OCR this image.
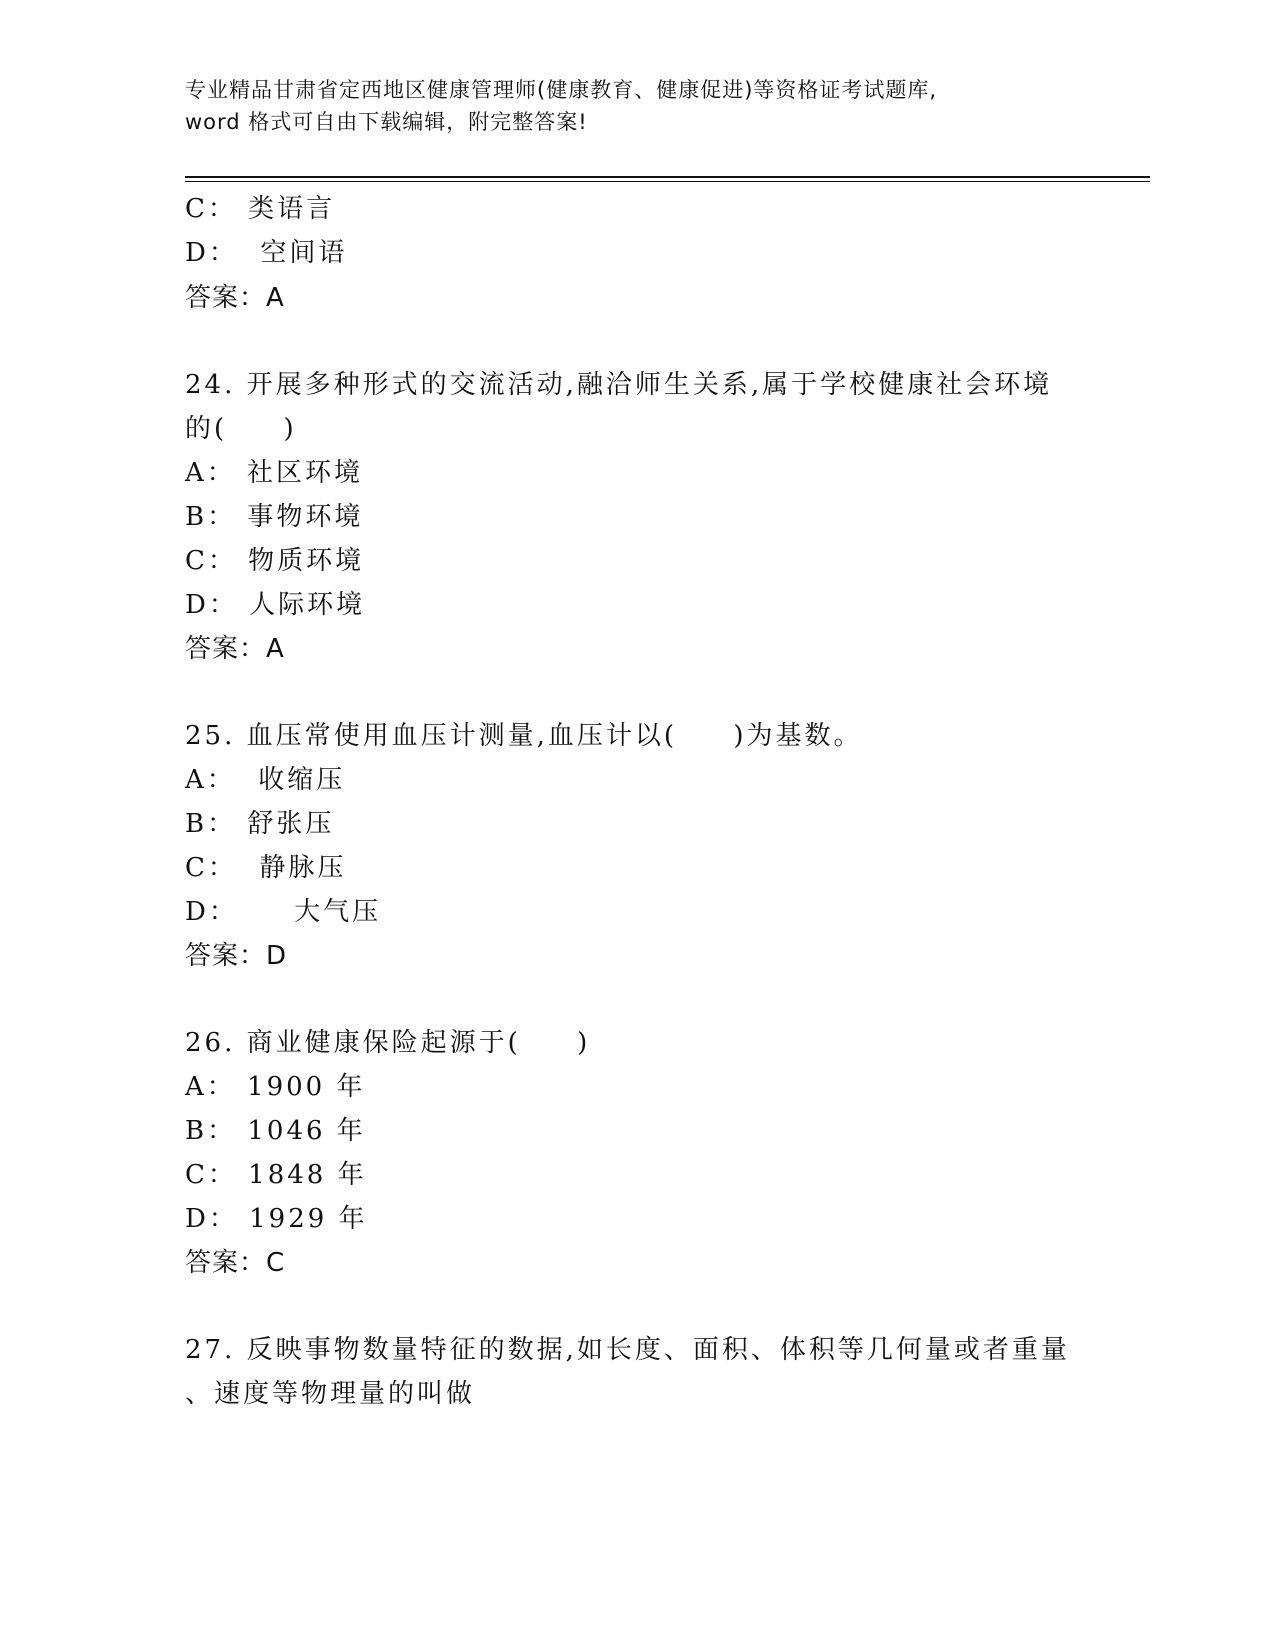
专业精品甘肃省定西地区健康管理师(健康教育、健康促进)等资格证考试题库,
word 格式可自由下载编辑，附完整答案!
C： 类语言
D：  空间语
答案：A
24. 开展多种形式的交流活动,融洽师生关系,属于学校健康社会环境
的(     )
A： 社区环境
B： 事物环境
C： 物质环境
D： 人际环境
答案：A
25. 血压常使用血压计测量,血压计以(     )为基数。
A：  收缩压
B： 舒张压
C：  静脉压
D：     大气压
答案：D
26. 商业健康保险起源于(     )
A： 1900 年
B： 1046 年
C： 1848 年
D： 1929 年
答案：C
27. 反映事物数量特征的数据,如长度、面积、体积等几何量或者重量
、速度等物理量的叫做
